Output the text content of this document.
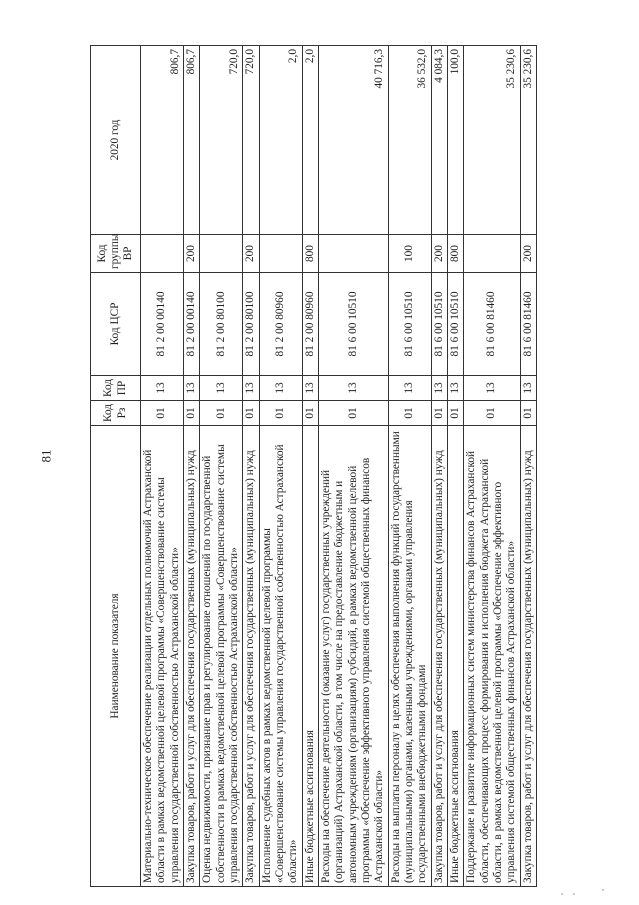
81
Наименование показателя	Код Рз	Код ПР	Код ЦСР	Код группы ВР	2020 год
Материально-техническое обеспечение реализации отдельных полномочий Астраханской области в рамках ведомственной целевой программы «Совершенствование системы управления государственной собственностью Астраханской области»	01	13	81 2 00 00140		806,7
Закупка товаров, работ и услуг для обеспечения государственных (муниципальных) нужд	01	13	81 2 00 00140	200	806,7
Оценка недвижимости, признание прав и регулирование отношений по государственной собственности в рамках ведомственной целевой программы «Совершенствование системы управления государственной собственностью Астраханской области»	01	13	81 2 00 80100		720,0
Закупка товаров, работ и услуг для обеспечения государственных (муниципальных) нужд	01	13	81 2 00 80100	200	720,0
Исполнение судебных актов в рамках ведомственной целевой программы «Совершенствование системы управления государственной собственностью Астраханской области»	01	13	81 2 00 80960		2,0
Иные бюджетные ассигнования	01	13	81 2 00 80960	800	2,0
Расходы на обеспечение деятельности (оказание услуг) государственных учреждений (организаций) Астраханской области, в том числе на предоставление бюджетным и автономным учреждениям (организациям) субсидий, в рамках ведомственной целевой программы «Обеспечение эффективного управления системой общественных финансов Астраханской области»	01	13	81 6 00 10510		40 716,3
Расходы на выплаты персоналу в целях обеспечения выполнения функций государственными (муниципальными) органами, казенными учреждениями, органами управления государственными внебюджетными фондами	01	13	81 6 00 10510	100	36 532,0
Закупка товаров, работ и услуг для обеспечения государственных (муниципальных) нужд	01	13	81 6 00 10510	200	4 084,3
Иные бюджетные ассигнования	01	13	81 6 00 10510	800	100,0
Поддержание и развитие информационных систем министерства финансов Астраханской области, обеспечивающих процесс формирования и исполнения бюджета Астраханской области, в рамках ведомственной целевой программы «Обеспечение эффективного управления системой общественных финансов Астраханской области»	01	13	81 6 00 81460		35 230,6
Закупка товаров, работ и услуг для обеспечения государственных (муниципальных) нужд	01	13	81 6 00 81460	200	35 230,6
